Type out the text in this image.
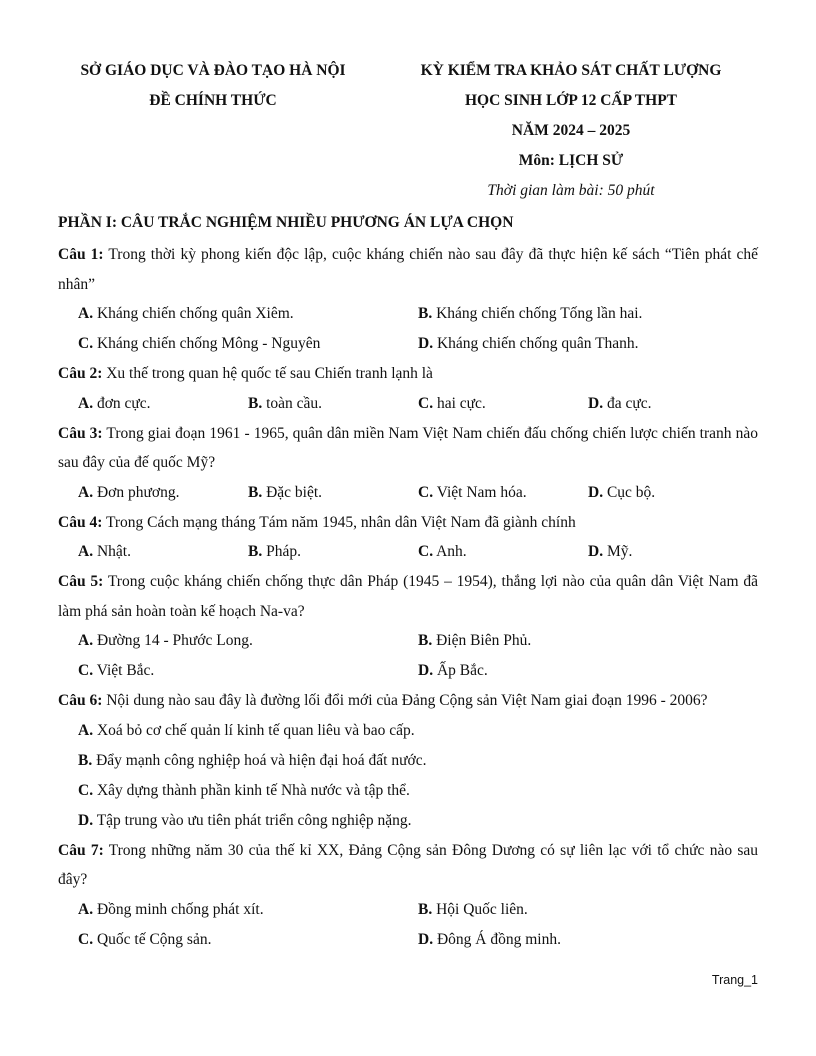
SỞ GIÁO DỤC VÀ ĐÀO TẠO HÀ NỘI
ĐỀ CHÍNH THỨC
KỲ KIỂM TRA KHẢO SÁT CHẤT LƯỢNG
HỌC SINH LỚP 12 CẤP THPT
NĂM 2024 – 2025
Môn: LỊCH SỬ
Thời gian làm bài: 50 phút
PHẦN I: CÂU TRẮC NGHIỆM NHIỀU PHƯƠNG ÁN LỰA CHỌN
Câu 1: Trong thời kỳ phong kiến độc lập, cuộc kháng chiến nào sau đây đã thực hiện kế sách “Tiên phát chế nhân”
A. Kháng chiến chống quân Xiêm.	B. Kháng chiến chống Tống lần hai.
C. Kháng chiến chống Mông - Nguyên	D. Kháng chiến chống quân Thanh.
Câu 2: Xu thế trong quan hệ quốc tế sau Chiến tranh lạnh là
A. đơn cực.	B. toàn cầu.	C. hai cực.	D. đa cực.
Câu 3: Trong giai đoạn 1961 - 1965, quân dân miền Nam Việt Nam chiến đấu chống chiến lược chiến tranh nào sau đây của đế quốc Mỹ?
A. Đơn phương.	B. Đặc biệt.	C. Việt Nam hóa.	D. Cục bộ.
Câu 4: Trong Cách mạng tháng Tám năm 1945, nhân dân Việt Nam đã giành chính
A. Nhật.	B. Pháp.	C. Anh.	D. Mỹ.
Câu 5: Trong cuộc kháng chiến chống thực dân Pháp (1945 – 1954), thắng lợi nào của quân dân Việt Nam đã làm phá sản hoàn toàn kế hoạch Na-va?
A. Đường 14 - Phước Long.	B. Điện Biên Phủ.
C. Việt Bắc.	D. Ấp Bắc.
Câu 6: Nội dung nào sau đây là đường lối đổi mới của Đảng Cộng sản Việt Nam giai đoạn 1996 - 2006?
A. Xoá bỏ cơ chế quản lí kinh tế quan liêu và bao cấp.
B. Đẩy mạnh công nghiệp hoá và hiện đại hoá đất nước.
C. Xây dựng thành phần kinh tế Nhà nước và tập thể.
D. Tập trung vào ưu tiên phát triển công nghiệp nặng.
Câu 7: Trong những năm 30 của thế kỉ XX, Đảng Cộng sản Đông Dương có sự liên lạc với tổ chức nào sau đây?
A. Đồng minh chống phát xít.	B. Hội Quốc liên.
C. Quốc tế Cộng sản.	D. Đông Á đồng minh.
Trang_1
